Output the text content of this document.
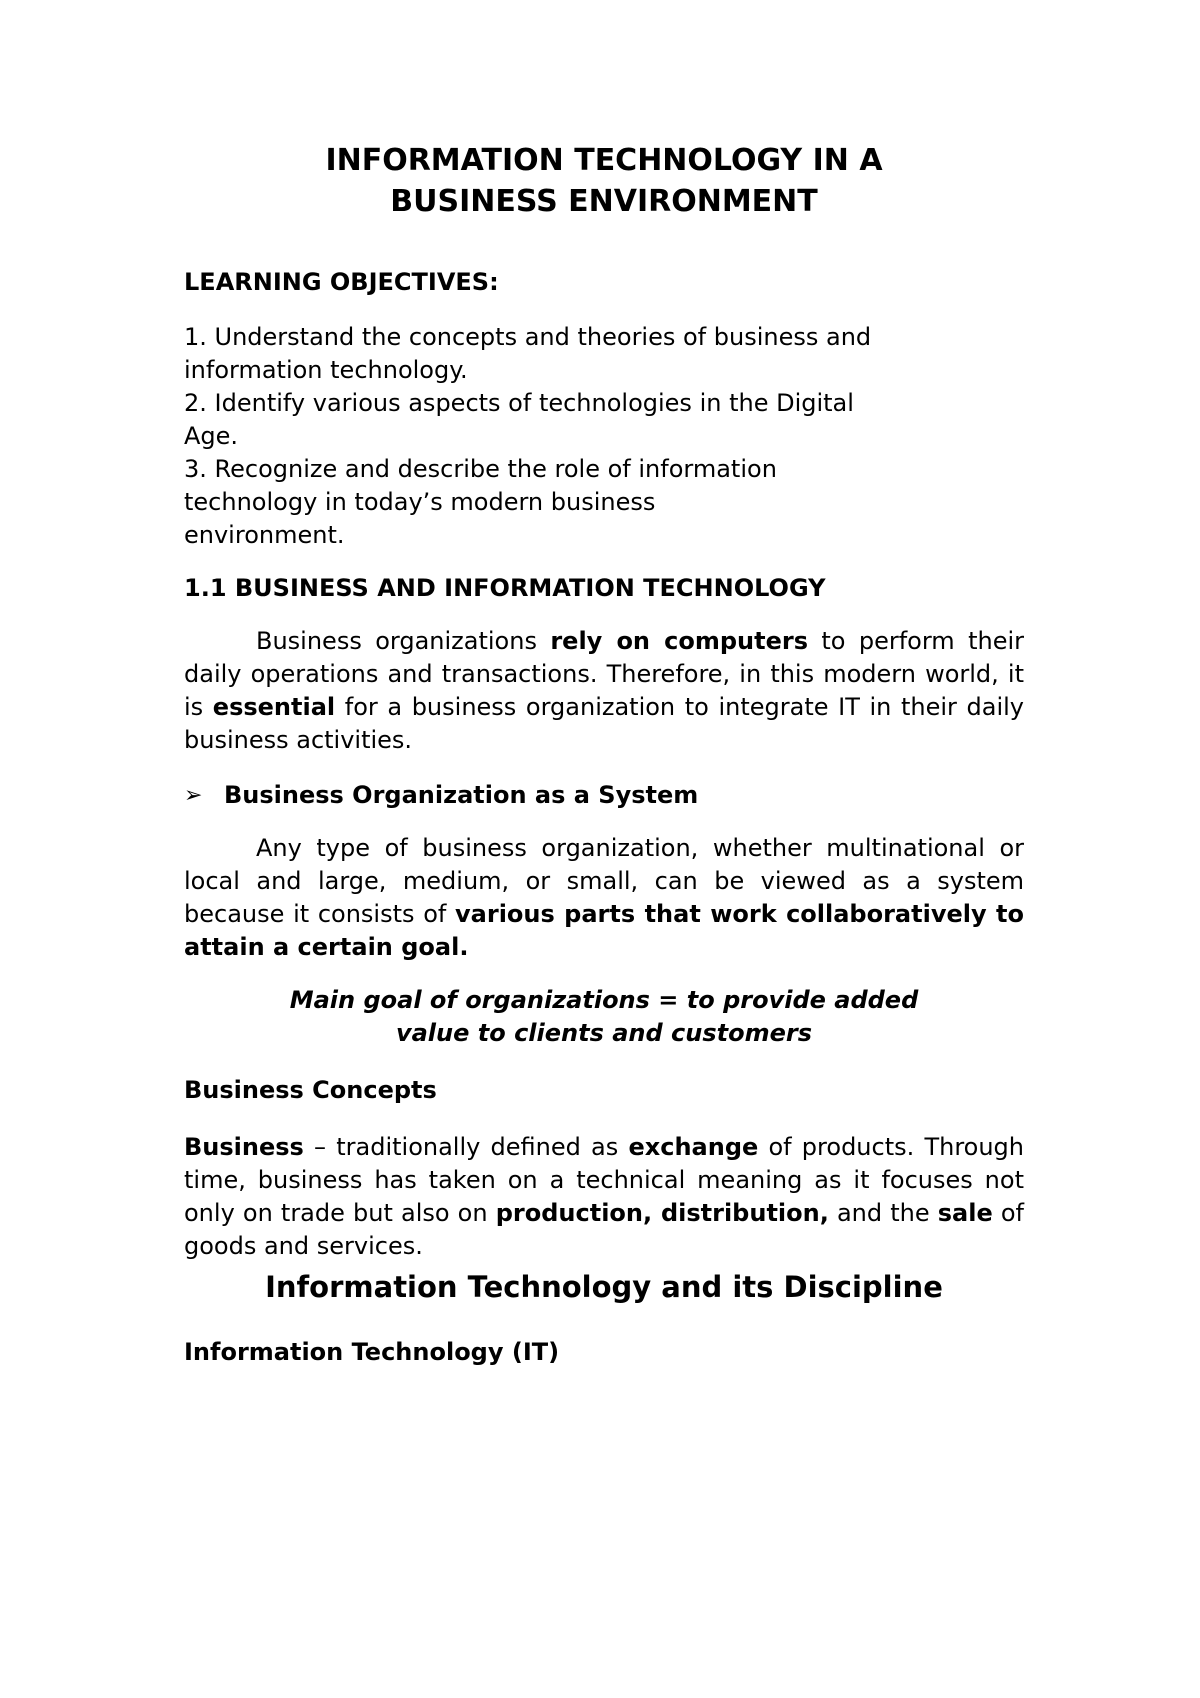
INFORMATION TECHNOLOGY IN A
BUSINESS ENVIRONMENT

LEARNING OBJECTIVES:

1. Understand the concepts and theories of business and

information technology.

2. Identify various aspects of technologies in the Digital

Age.

3. Recognize and describe the role of information

technology in today’s modern business

environment.

1.1 BUSINESS AND INFORMATION TECHNOLOGY

Business organizations rely on computers to perform their daily operations and transactions. Therefore, in this modern world, it is essential for a business organization to integrate IT in their daily business activities.

➢ Business Organization as a System

Any type of business organization, whether multinational or local and large, medium, or small, can be viewed as a system because it consists of various parts that work collaboratively to attain a certain goal.

Main goal of organizations = to provide added
value to clients and customers

Business Concepts

Business – traditionally defined as exchange of products. Through time, business has taken on a technical meaning as it focuses not only on trade but also on production, distribution, and the sale of goods and services.

Information Technology and its Discipline

Information Technology (IT)
